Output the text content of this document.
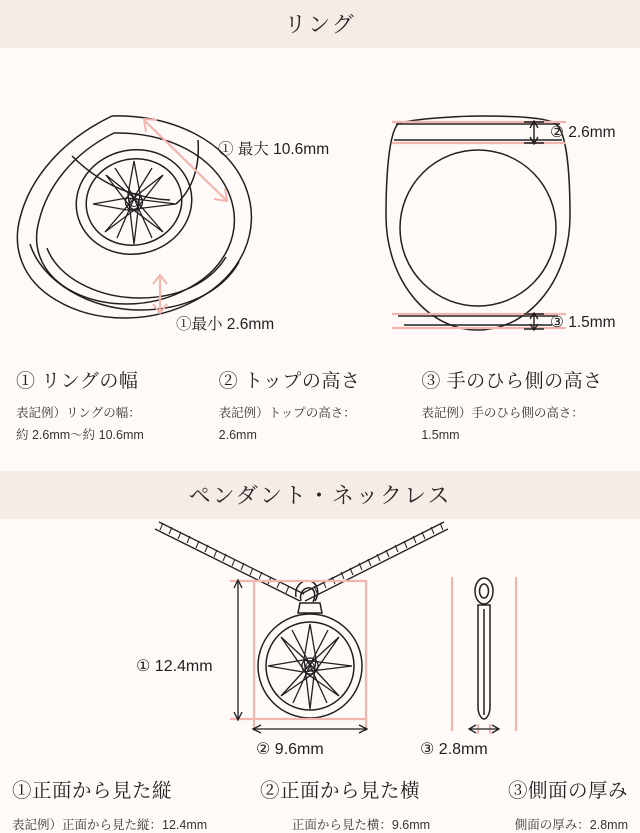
リング
① 最大 10.6mm
①最小 2.6mm
② 2.6mm
③ 1.5mm
① リングの幅
表記例）リングの幅：
約 2.6mm〜約 10.6mm
② トップの高さ
表記例）トップの高さ：
2.6mm
③ 手のひら側の高さ
表記例）手のひら側の高さ：
1.5mm
ペンダント・ネックレス
① 12.4mm
② 9.6mm	③ 2.8mm
①正面から見た縦	②正面から見た横	③側面の厚み
表記例）正面から見た縦：12.4mm	正面から見た横：9.6mm	側面の厚み：2.8mm
